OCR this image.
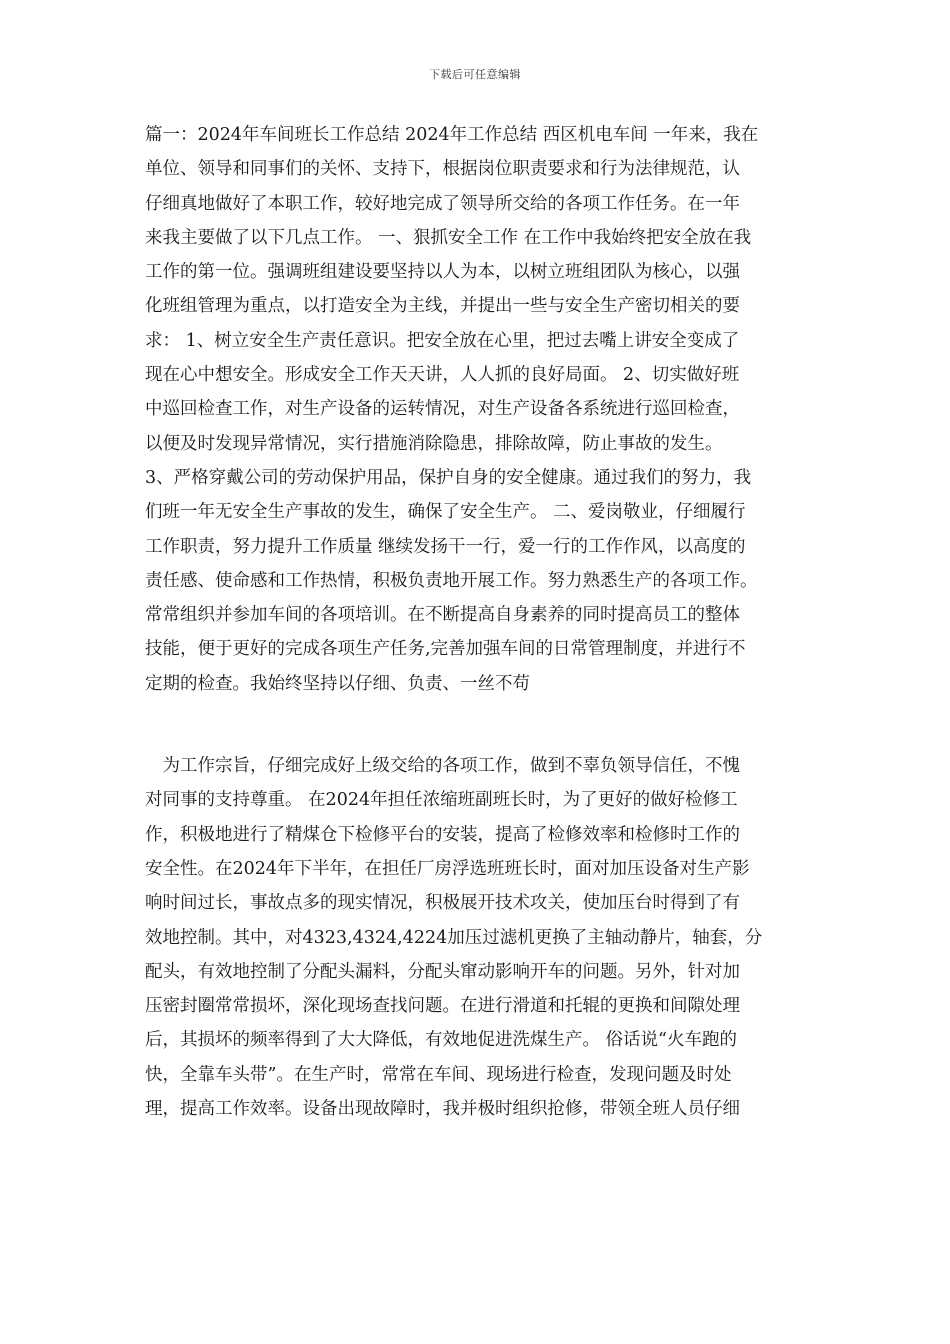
下载后可任意编辑
篇一：2024年车间班长工作总结 2024年工作总结 西区机电车间 一年来，我在
单位、领导和同事们的关怀、支持下，根据岗位职责要求和行为法律规范，认
仔细真地做好了本职工作，较好地完成了领导所交给的各项工作任务。在一年
来我主要做了以下几点工作。 一、狠抓安全工作 在工作中我始终把安全放在我
工作的第一位。强调班组建设要坚持以人为本，以树立班组团队为核心，以强
化班组管理为重点，以打造安全为主线，并提出一些与安全生产密切相关的要
求： 1、树立安全生产责任意识。把安全放在心里，把过去嘴上讲安全变成了
现在心中想安全。形成安全工作天天讲，人人抓的良好局面。 2、切实做好班
中巡回检查工作，对生产设备的运转情况，对生产设备各系统进行巡回检查，
以便及时发现异常情况，实行措施消除隐患，排除故障，防止事故的发生。
3、严格穿戴公司的劳动保护用品，保护自身的安全健康。通过我们的努力，我
们班一年无安全生产事故的发生，确保了安全生产。 二、爱岗敬业，仔细履行
工作职责，努力提升工作质量 继续发扬干一行，爱一行的工作作风，以高度的
责任感、使命感和工作热情，积极负责地开展工作。努力熟悉生产的各项工作。
常常组织并参加车间的各项培训。在不断提高自身素养的同时提高员工的整体
技能，便于更好的完成各项生产任务,完善加强车间的日常管理制度，并进行不
定期的检查。我始终坚持以仔细、负责、一丝不苟
　为工作宗旨，仔细完成好上级交给的各项工作，做到不辜负领导信任，不愧
对同事的支持尊重。 在2024年担任浓缩班副班长时，为了更好的做好检修工
作，积极地进行了精煤仓下检修平台的安装，提高了检修效率和检修时工作的
安全性。在2024年下半年，在担任厂房浮选班班长时，面对加压设备对生产影
响时间过长，事故点多的现实情况，积极展开技术攻关，使加压台时得到了有
效地控制。其中，对4323,4324,4224加压过滤机更换了主轴动静片，轴套，分
配头，有效地控制了分配头漏料，分配头窜动影响开车的问题。另外，针对加
压密封圈常常损坏，深化现场查找问题。在进行滑道和托辊的更换和间隙处理
后，其损坏的频率得到了大大降低，有效地促进洗煤生产。 俗话说“火车跑的
快，全靠车头带”。在生产时，常常在车间、现场进行检查，发现问题及时处
理，提高工作效率。设备出现故障时，我并极时组织抢修，带领全班人员仔细
